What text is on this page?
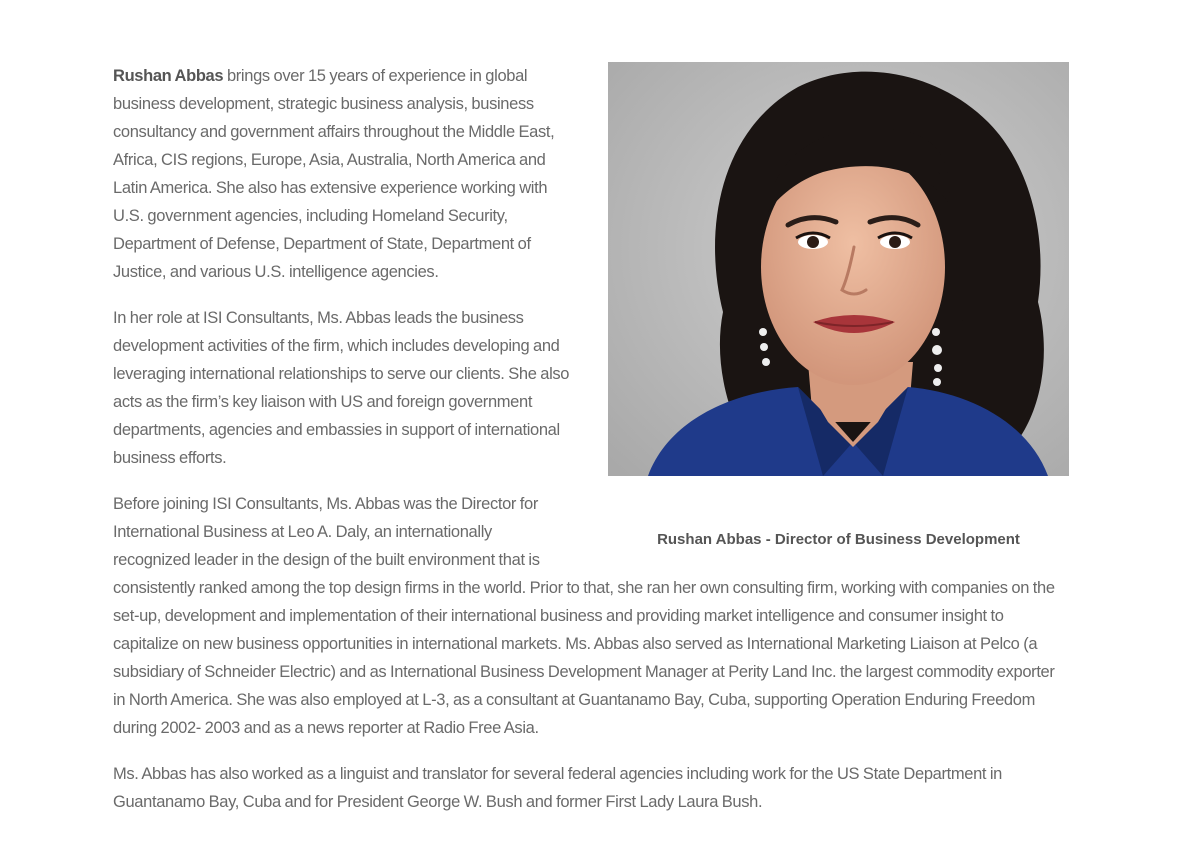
Rushan Abbas - Director of Business Development

Rushan Abbas brings over 15 years of experience in global business development, strategic business analysis, business consultancy and government affairs throughout the Middle East, Africa, CIS regions, Europe, Asia, Australia, North America and Latin America. She also has extensive experience working with U.S. government agencies, including Homeland Security, Department of Defense, Department of State, Department of Justice, and various U.S. intelligence agencies.

In her role at ISI Consultants, Ms. Abbas leads the business development activities of the firm, which includes developing and leveraging international relationships to serve our clients. She also acts as the firm’s key liaison with US and foreign government departments, agencies and embassies in support of international business efforts.

Before joining ISI Consultants, Ms. Abbas was the Director for International Business at Leo A. Daly, an internationally recognized leader in the design of the built environment that is consistently ranked among the top design firms in the world. Prior to that, she ran her own consulting firm, working with companies on the set-up, development and implementation of their international business and providing market intelligence and consumer insight to capitalize on new business opportunities in international markets. Ms. Abbas also served as International Marketing Liaison at Pelco (a subsidiary of Schneider Electric) and as International Business Development Manager at Perity Land Inc. the largest commodity exporter in North America. She was also employed at L-3, as a consultant at Guantanamo Bay, Cuba, supporting Operation Enduring Freedom during 2002- 2003 and as a news reporter at Radio Free Asia.

Ms. Abbas has also worked as a linguist and translator for several federal agencies including work for the US State Department in Guantanamo Bay, Cuba and for President George W. Bush and former First Lady Laura Bush.
